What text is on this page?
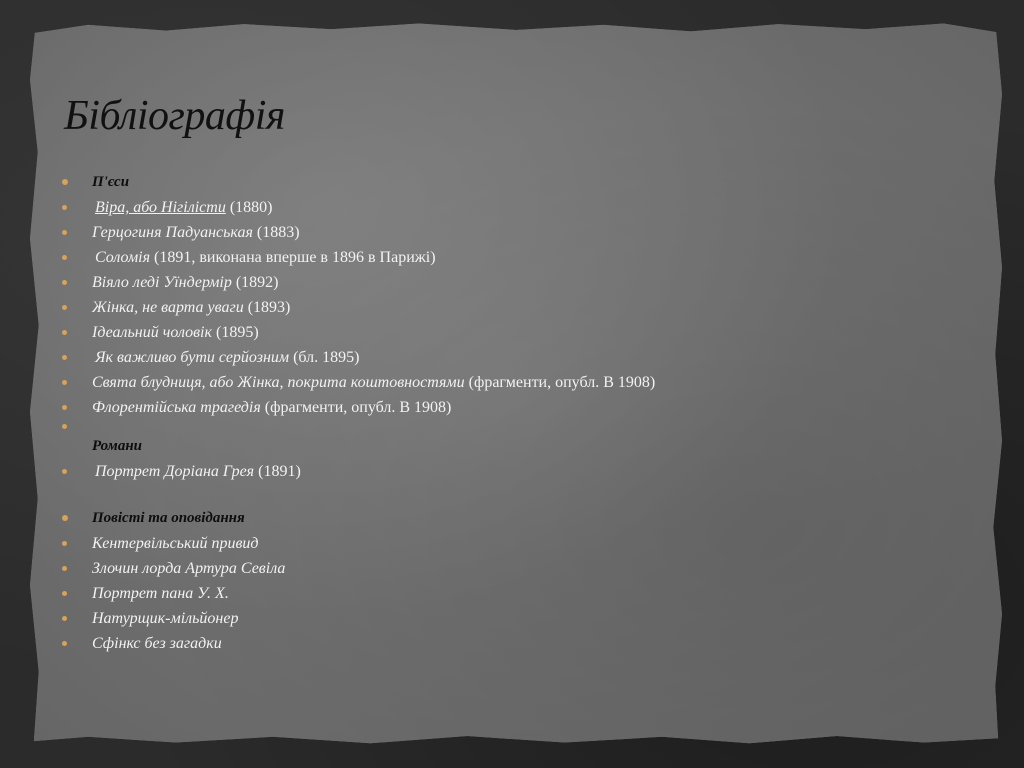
Бібліографія
П'єси
Віра, або Нігілісти (1880)
Герцогиня Падуанськая (1883)
Соломія (1891, виконана вперше в 1896 в Парижі)
Віяло леді Уїндермір (1892)
Жінка, не варта уваги (1893)
Ідеальний чоловік (1895)
Як важливо бути серйозним (бл. 1895)
Свята блудниця, або Жінка, покрита коштовностями (фрагменти, опубл. В 1908)
Флорентійська трагедія (фрагменти, опубл. В 1908)
Романи
Портрет Доріана Грея (1891)
Повісті та оповідання
Кентервільський привид
Злочин лорда Артура Севіла
Портрет пана У. Х.
Натурщик-мільйонер
Сфінкс без загадки
